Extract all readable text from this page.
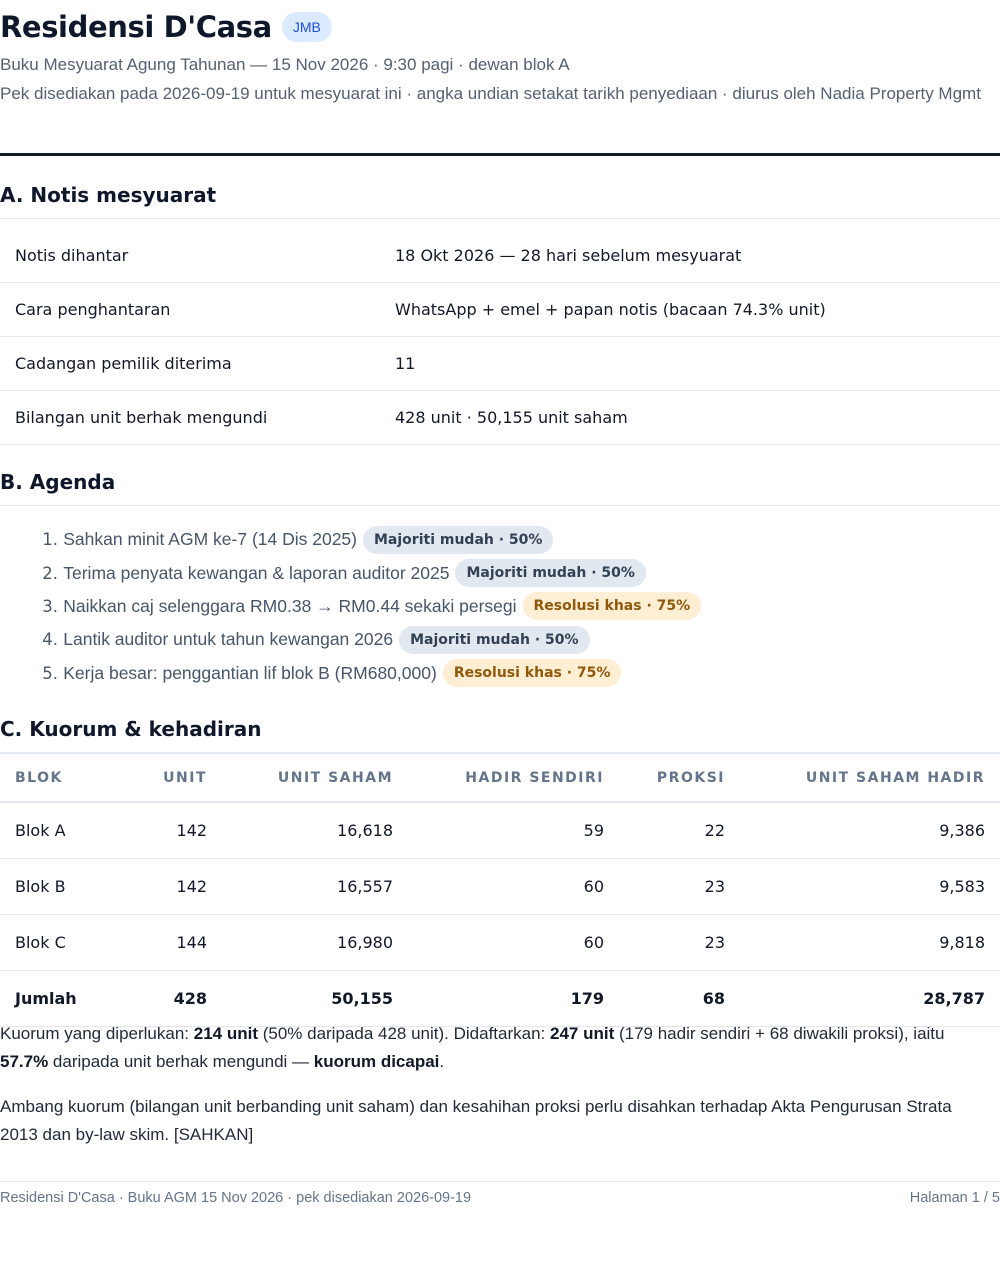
Residensi D'Casa	JMB
Buku Mesyuarat Agung Tahunan — 15 Nov 2026 · 9:30 pagi · dewan blok A
Pek disediakan pada 2026-09-19 untuk mesyuarat ini · angka undian setakat tarikh penyediaan · diurus oleh Nadia Property Mgmt
A. Notis mesyuarat
Notis dihantar	18 Okt 2026 — 28 hari sebelum mesyuarat
Cara penghantaran	WhatsApp + emel + papan notis (bacaan 74.3% unit)
Cadangan pemilik diterima	11
Bilangan unit berhak mengundi	428 unit · 50,155 unit saham
B. Agenda
1.
Sahkan minit AGM ke-7 (14 Dis 2025)	Majoriti mudah · 50%
2.
Terima penyata kewangan & laporan auditor 2025	Majoriti mudah · 50%
3.
Naikkan caj selenggara RM0.38 → RM0.44 sekaki persegi	Resolusi khas · 75%
4.
Lantik auditor untuk tahun kewangan 2026	Majoriti mudah · 50%
5.
Kerja besar: penggantian lif blok B (RM680,000)	Resolusi khas · 75%
C. Kuorum & kehadiran
BLOK	UNIT	UNIT SAHAM	HADIR SENDIRI	PROKSI	UNIT SAHAM HADIR
Blok A	142	16,618	59	22	9,386
Blok B	142	16,557	60	23	9,583
Blok C	144	16,980	60	23	9,818
Jumlah	428	50,155	179	68	28,787

Kuorum yang diperlukan: 214 unit (50% daripada 428 unit). Didaftarkan: 247 unit (179 hadir sendiri + 68 diwakili proksi), iaitu 57.7% daripada unit berhak mengundi — kuorum dicapai.

Ambang kuorum (bilangan unit berbanding unit saham) dan kesahihan proksi perlu disahkan terhadap Akta Pengurusan Strata 2013 dan by-law skim. [SAHKAN]

Residensi D'Casa · Buku AGM 15 Nov 2026 · pek disediakan 2026-09-19	Halaman 1 / 5
